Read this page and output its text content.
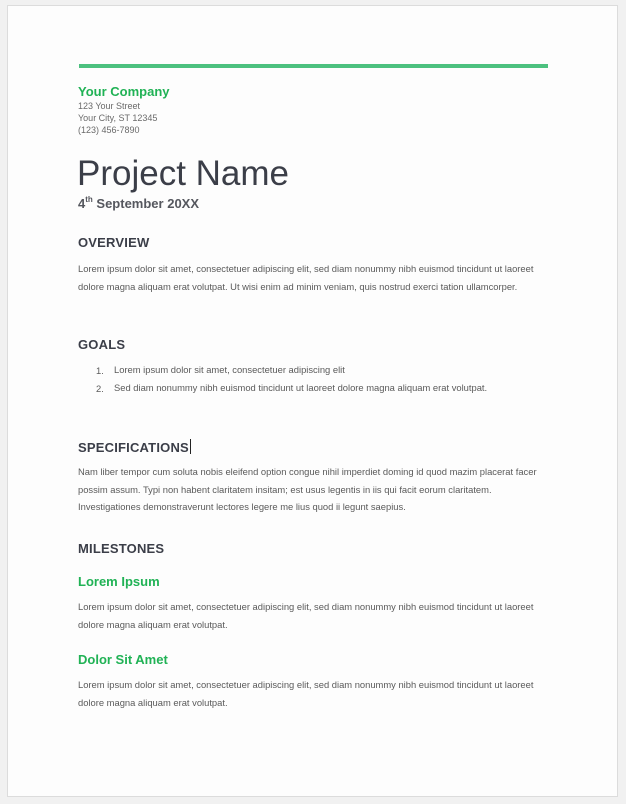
Your Company
123 Your Street
Your City, ST 12345
(123) 456-7890
Project Name
4th September 20XX
OVERVIEW
Lorem ipsum dolor sit amet, consectetuer adipiscing elit, sed diam nonummy nibh euismod tincidunt ut laoreet dolore magna aliquam erat volutpat. Ut wisi enim ad minim veniam, quis nostrud exerci tation ullamcorper.
GOALS
1. Lorem ipsum dolor sit amet, consectetuer adipiscing elit
2. Sed diam nonummy nibh euismod tincidunt ut laoreet dolore magna aliquam erat volutpat.
SPECIFICATIONS
Nam liber tempor cum soluta nobis eleifend option congue nihil imperdiet doming id quod mazim placerat facer possim assum. Typi non habent claritatem insitam; est usus legentis in iis qui facit eorum claritatem. Investigationes demonstraverunt lectores legere me lius quod ii legunt saepius.
MILESTONES
Lorem Ipsum
Lorem ipsum dolor sit amet, consectetuer adipiscing elit, sed diam nonummy nibh euismod tincidunt ut laoreet dolore magna aliquam erat volutpat.
Dolor Sit Amet
Lorem ipsum dolor sit amet, consectetuer adipiscing elit, sed diam nonummy nibh euismod tincidunt ut laoreet dolore magna aliquam erat volutpat.
